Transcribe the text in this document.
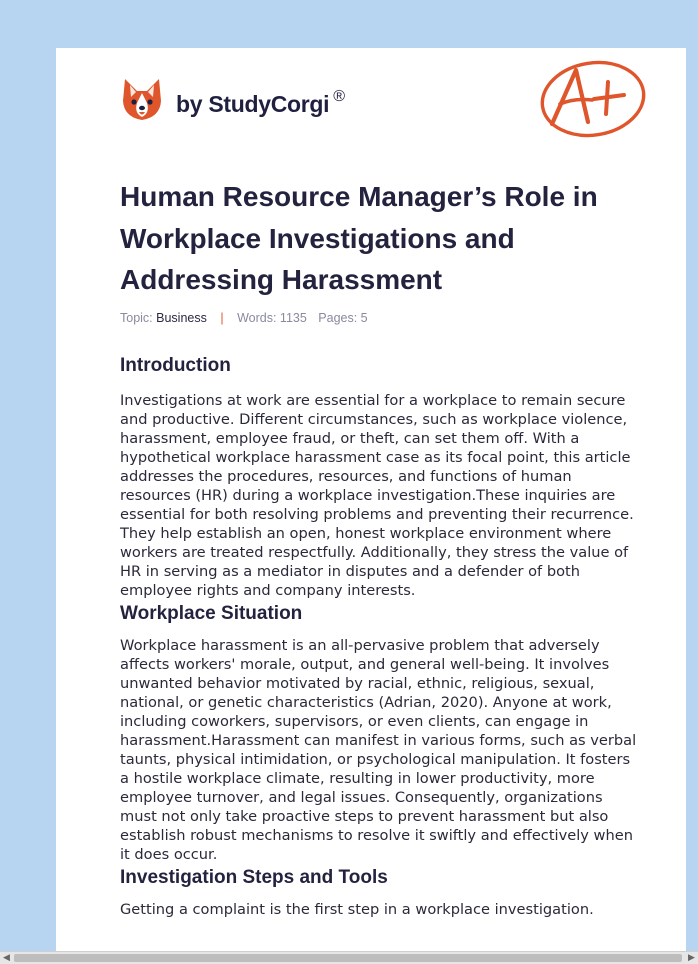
by StudyCorgi ®
Human Resource Manager’s Role in Workplace Investigations and Addressing Harassment
Topic: Business | Words: 1135 Pages: 5
Introduction

Investigations at work are essential for a workplace to remain secure and productive. Different circumstances, such as workplace violence, harassment, employee fraud, or theft, can set them off. With a hypothetical workplace harassment case as its focal point, this article addresses the procedures, resources, and functions of human resources (HR) during a workplace investigation.These inquiries are essential for both resolving problems and preventing their recurrence. They help establish an open, honest workplace environment where workers are treated respectfully. Additionally, they stress the value of HR in serving as a mediator in disputes and a defender of both employee rights and company interests.

Workplace Situation

Workplace harassment is an all-pervasive problem that adversely affects workers' morale, output, and general well-being. It involves unwanted behavior motivated by racial, ethnic, religious, sexual, national, or genetic characteristics (Adrian, 2020). Anyone at work, including coworkers, supervisors, or even clients, can engage in harassment.Harassment can manifest in various forms, such as verbal taunts, physical intimidation, or psychological manipulation. It fosters a hostile workplace climate, resulting in lower productivity, more employee turnover, and legal issues. Consequently, organizations must not only take proactive steps to prevent harassment but also establish robust mechanisms to resolve it swiftly and effectively when it does occur.

Investigation Steps and Tools

Getting a complaint is the first step in a workplace investigation.

◀	▶
